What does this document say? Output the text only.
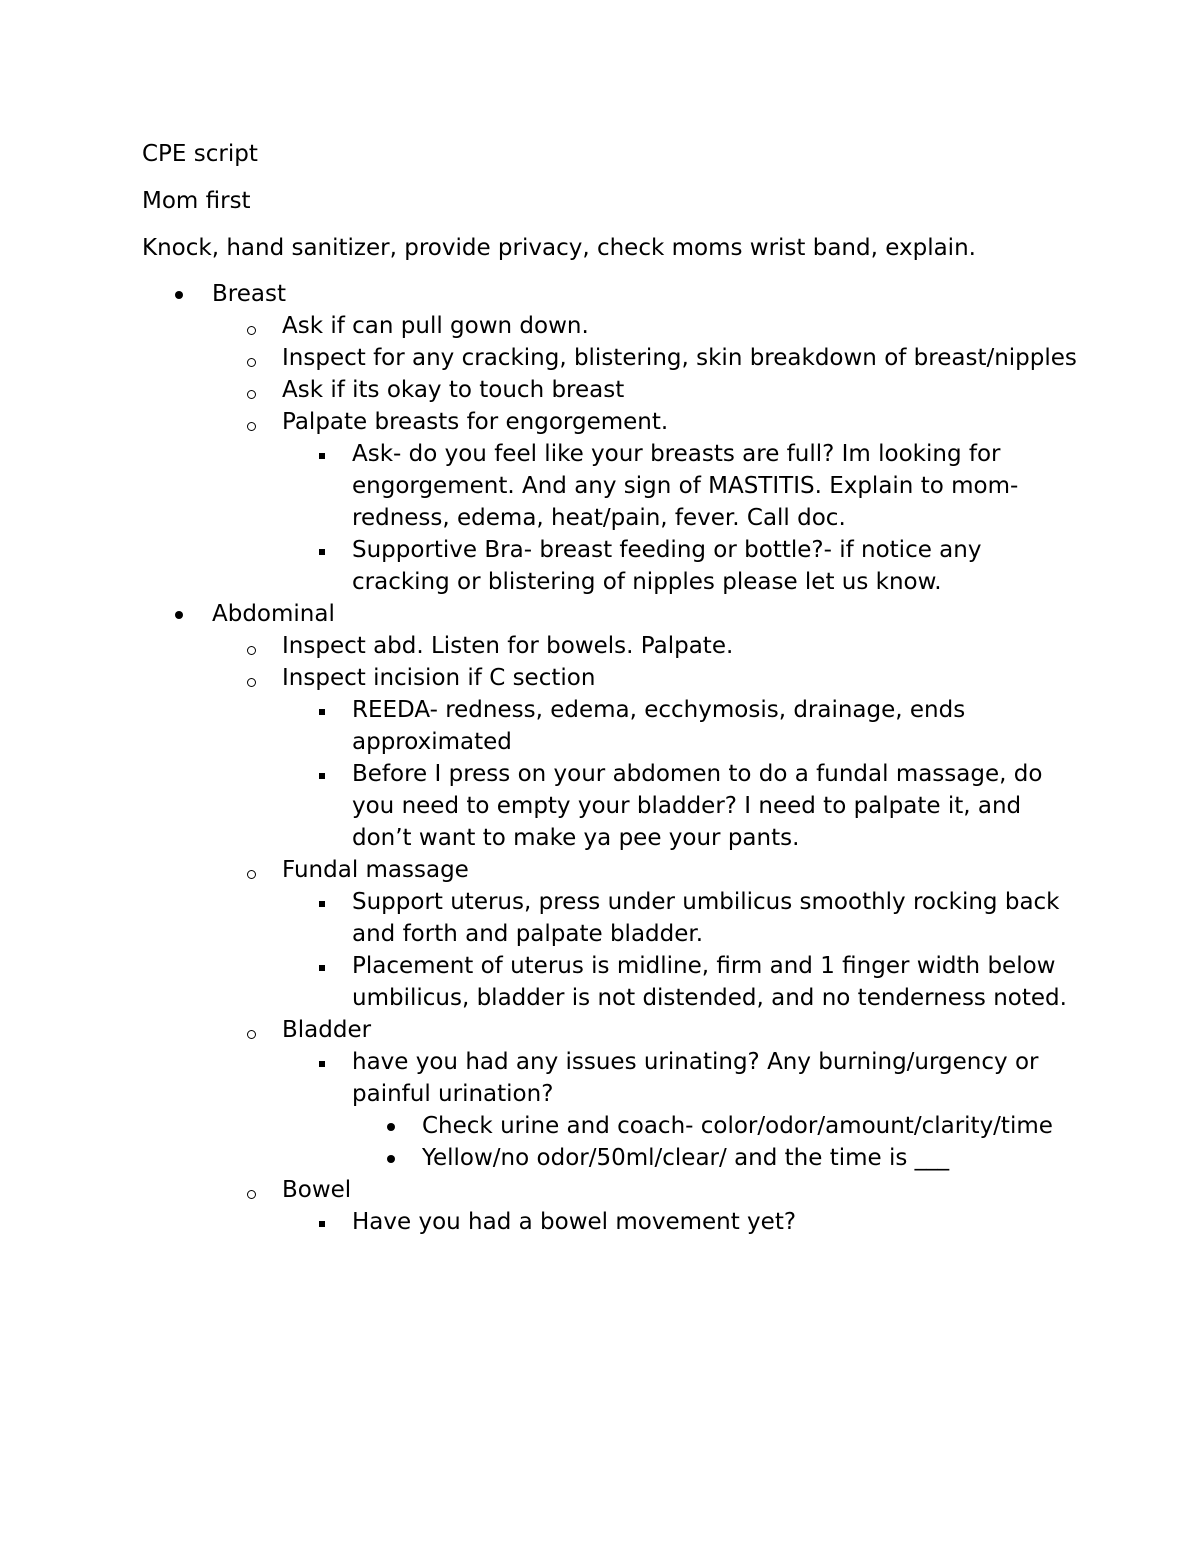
CPE script

Mom first

Knock, hand sanitizer, provide privacy, check moms wrist band, explain.

Breast
Ask if can pull gown down.
Inspect for any cracking, blistering, skin breakdown of breast/nipples
Ask if its okay to touch breast
Palpate breasts for engorgement.
Ask- do you feel like your breasts are full? Im looking for engorgement. And any sign of MASTITIS. Explain to mom- redness, edema, heat/pain, fever. Call doc.
Supportive Bra- breast feeding or bottle?- if notice any cracking or blistering of nipples please let us know.
Abdominal
Inspect abd. Listen for bowels. Palpate.
Inspect incision if C section
REEDA- redness, edema, ecchymosis, drainage, ends approximated
Before I press on your abdomen to do a fundal massage, do you need to empty your bladder? I need to palpate it, and don’t want to make ya pee your pants.
Fundal massage
Support uterus, press under umbilicus smoothly rocking back and forth and palpate bladder.
Placement of uterus is midline, firm and 1 finger width below umbilicus, bladder is not distended, and no tenderness noted.
Bladder
have you had any issues urinating? Any burning/urgency or painful urination?
Check urine and coach- color/odor/amount/clarity/time
Yellow/no odor/50ml/clear/ and the time is ___
Bowel
Have you had a bowel movement yet?
